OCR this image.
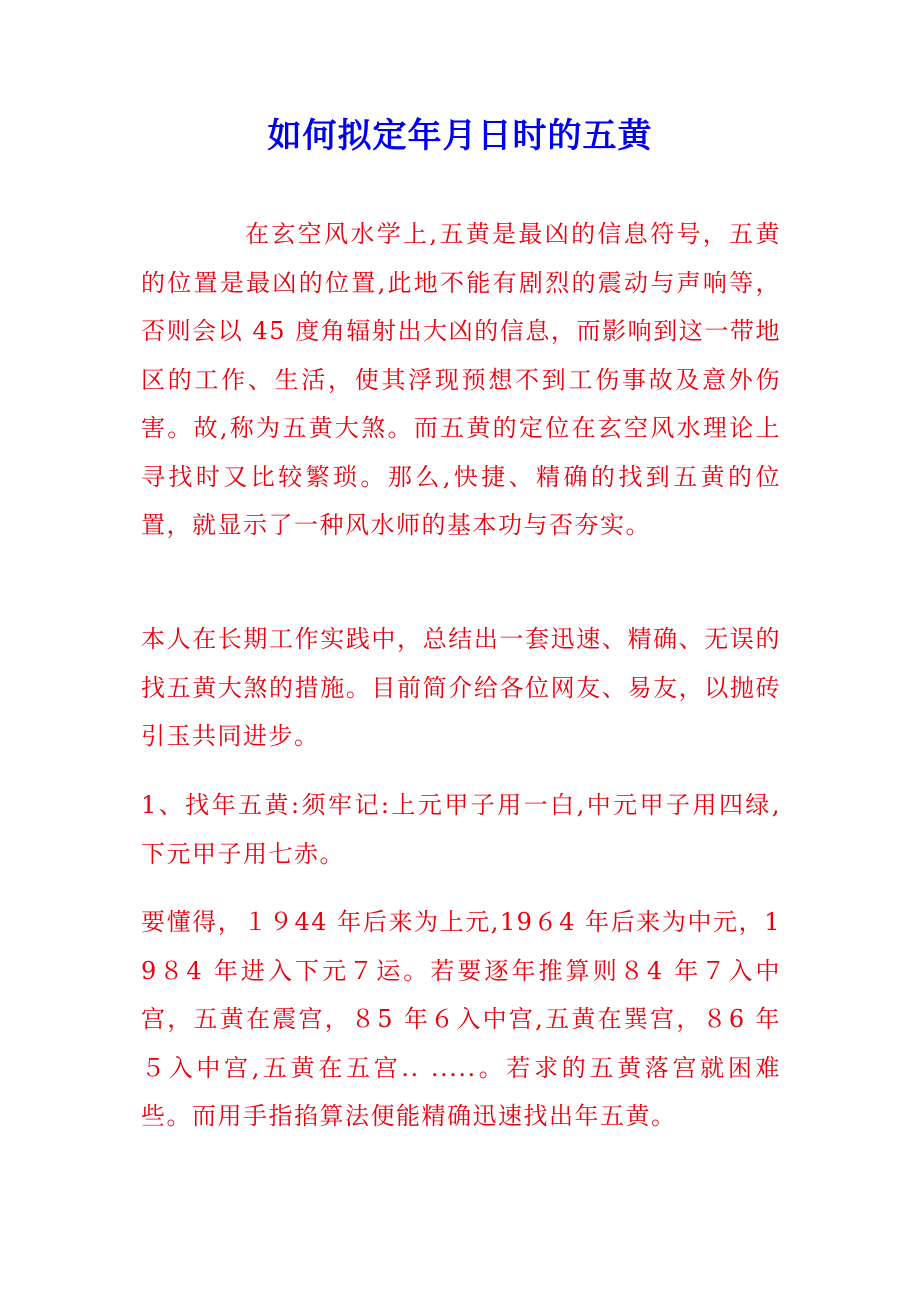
如何拟定年月日时的五黄

在玄空风水学上,五黄是最凶的信息符号，五黄的位置是最凶的位置,此地不能有剧烈的震动与声响等，否则会以 45 度角辐射出大凶的信息，而影响到这一带地区的工作、生活，使其浮现预想不到工伤事故及意外伤害。故,称为五黄大煞。而五黄的定位在玄空风水理论上寻找时又比较繁琐。那么,快捷、精确的找到五黄的位置，就显示了一种风水师的基本功与否夯实。

本人在长期工作实践中，总结出一套迅速、精确、无误的找五黄大煞的措施。目前简介给各位网友、易友，以抛砖引玉共同进步。

1、找年五黄:须牢记:上元甲子用一白,中元甲子用四绿,下元甲子用七赤。

要懂得，１９44 年后来为上元,19６4 年后来为中元，19８4 年进入下元７运。若要逐年推算则８4 年７入中宫，五黄在震宫，８5 年６入中宫,五黄在巽宫，８6 年５入中宫,五黄在五宫.. .....。若求的五黄落宫就困难些。而用手指掐算法便能精确迅速找出年五黄。
